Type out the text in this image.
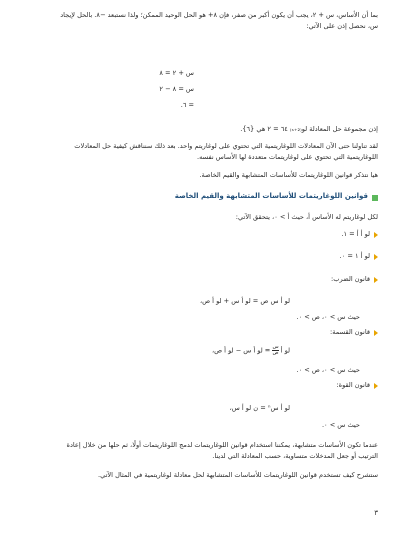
بما أن الأساس، س + ٢، يجب أن يكون أكبر من صفر، فإن ٨+ هو الحل الوحيد الممكن؛ ولذا نستبعد −٨. بالحل لإيجاد
س، نحصل إذن على الآتي:
س + ٢ = ٨
س = ٨ − ٢
= ٦.
إذن مجموعة حل المعادلة لو₍ₛ₊₂₎ ٦٤ = ٢ هي {٦}.
لقد تناولنا حتى الآن المعادلات اللوغاريتمية التي تحتوي على لوغاريتم واحد. بعد ذلك سنناقش كيفية حل المعادلات
اللوغاريتمية التي تحتوي على لوغاريتمات متعددة لها الأساس نفسه.
هيا نتذكر قوانين اللوغاريتمات للأساسات المتشابهة والقيم الخاصة.
قوانين اللوغاريتمات للأساسات المتشابهة والقيم الخاصة
لكل لوغاريتم له الأساس أ، حيث أ > ٠، يتحقق الآتي:
لو أ أ = ١.
لو أ ١ = ٠.
قانون الضرب:
لو أ س ص = لو أ س + لو أ ص،
حيث س > ٠، ص > ٠.
قانون القسمة:
لو أ
$\frac{\text{س}}{\text{ص}}$
= لو أ س − لو أ ص،
حيث س > ٠، ص > ٠.
قانون القوة:
لو أ سⁿ = ن لو أ س،
حيث س > ٠.
عندما تكون الأساسات متشابهة، يمكننا استخدام قوانين اللوغاريتمات لدمج اللوغاريتمات أولًا، ثم حلها من خلال إعادة
الترتيب أو جعل المدخلات متساوية، حسب المعادلة التي لدينا.
ستشرح كيف تستخدم قوانين اللوغاريتمات للأساسات المتشابهة لحل معادلة لوغاريتمية في المثال الآتي.
٣
